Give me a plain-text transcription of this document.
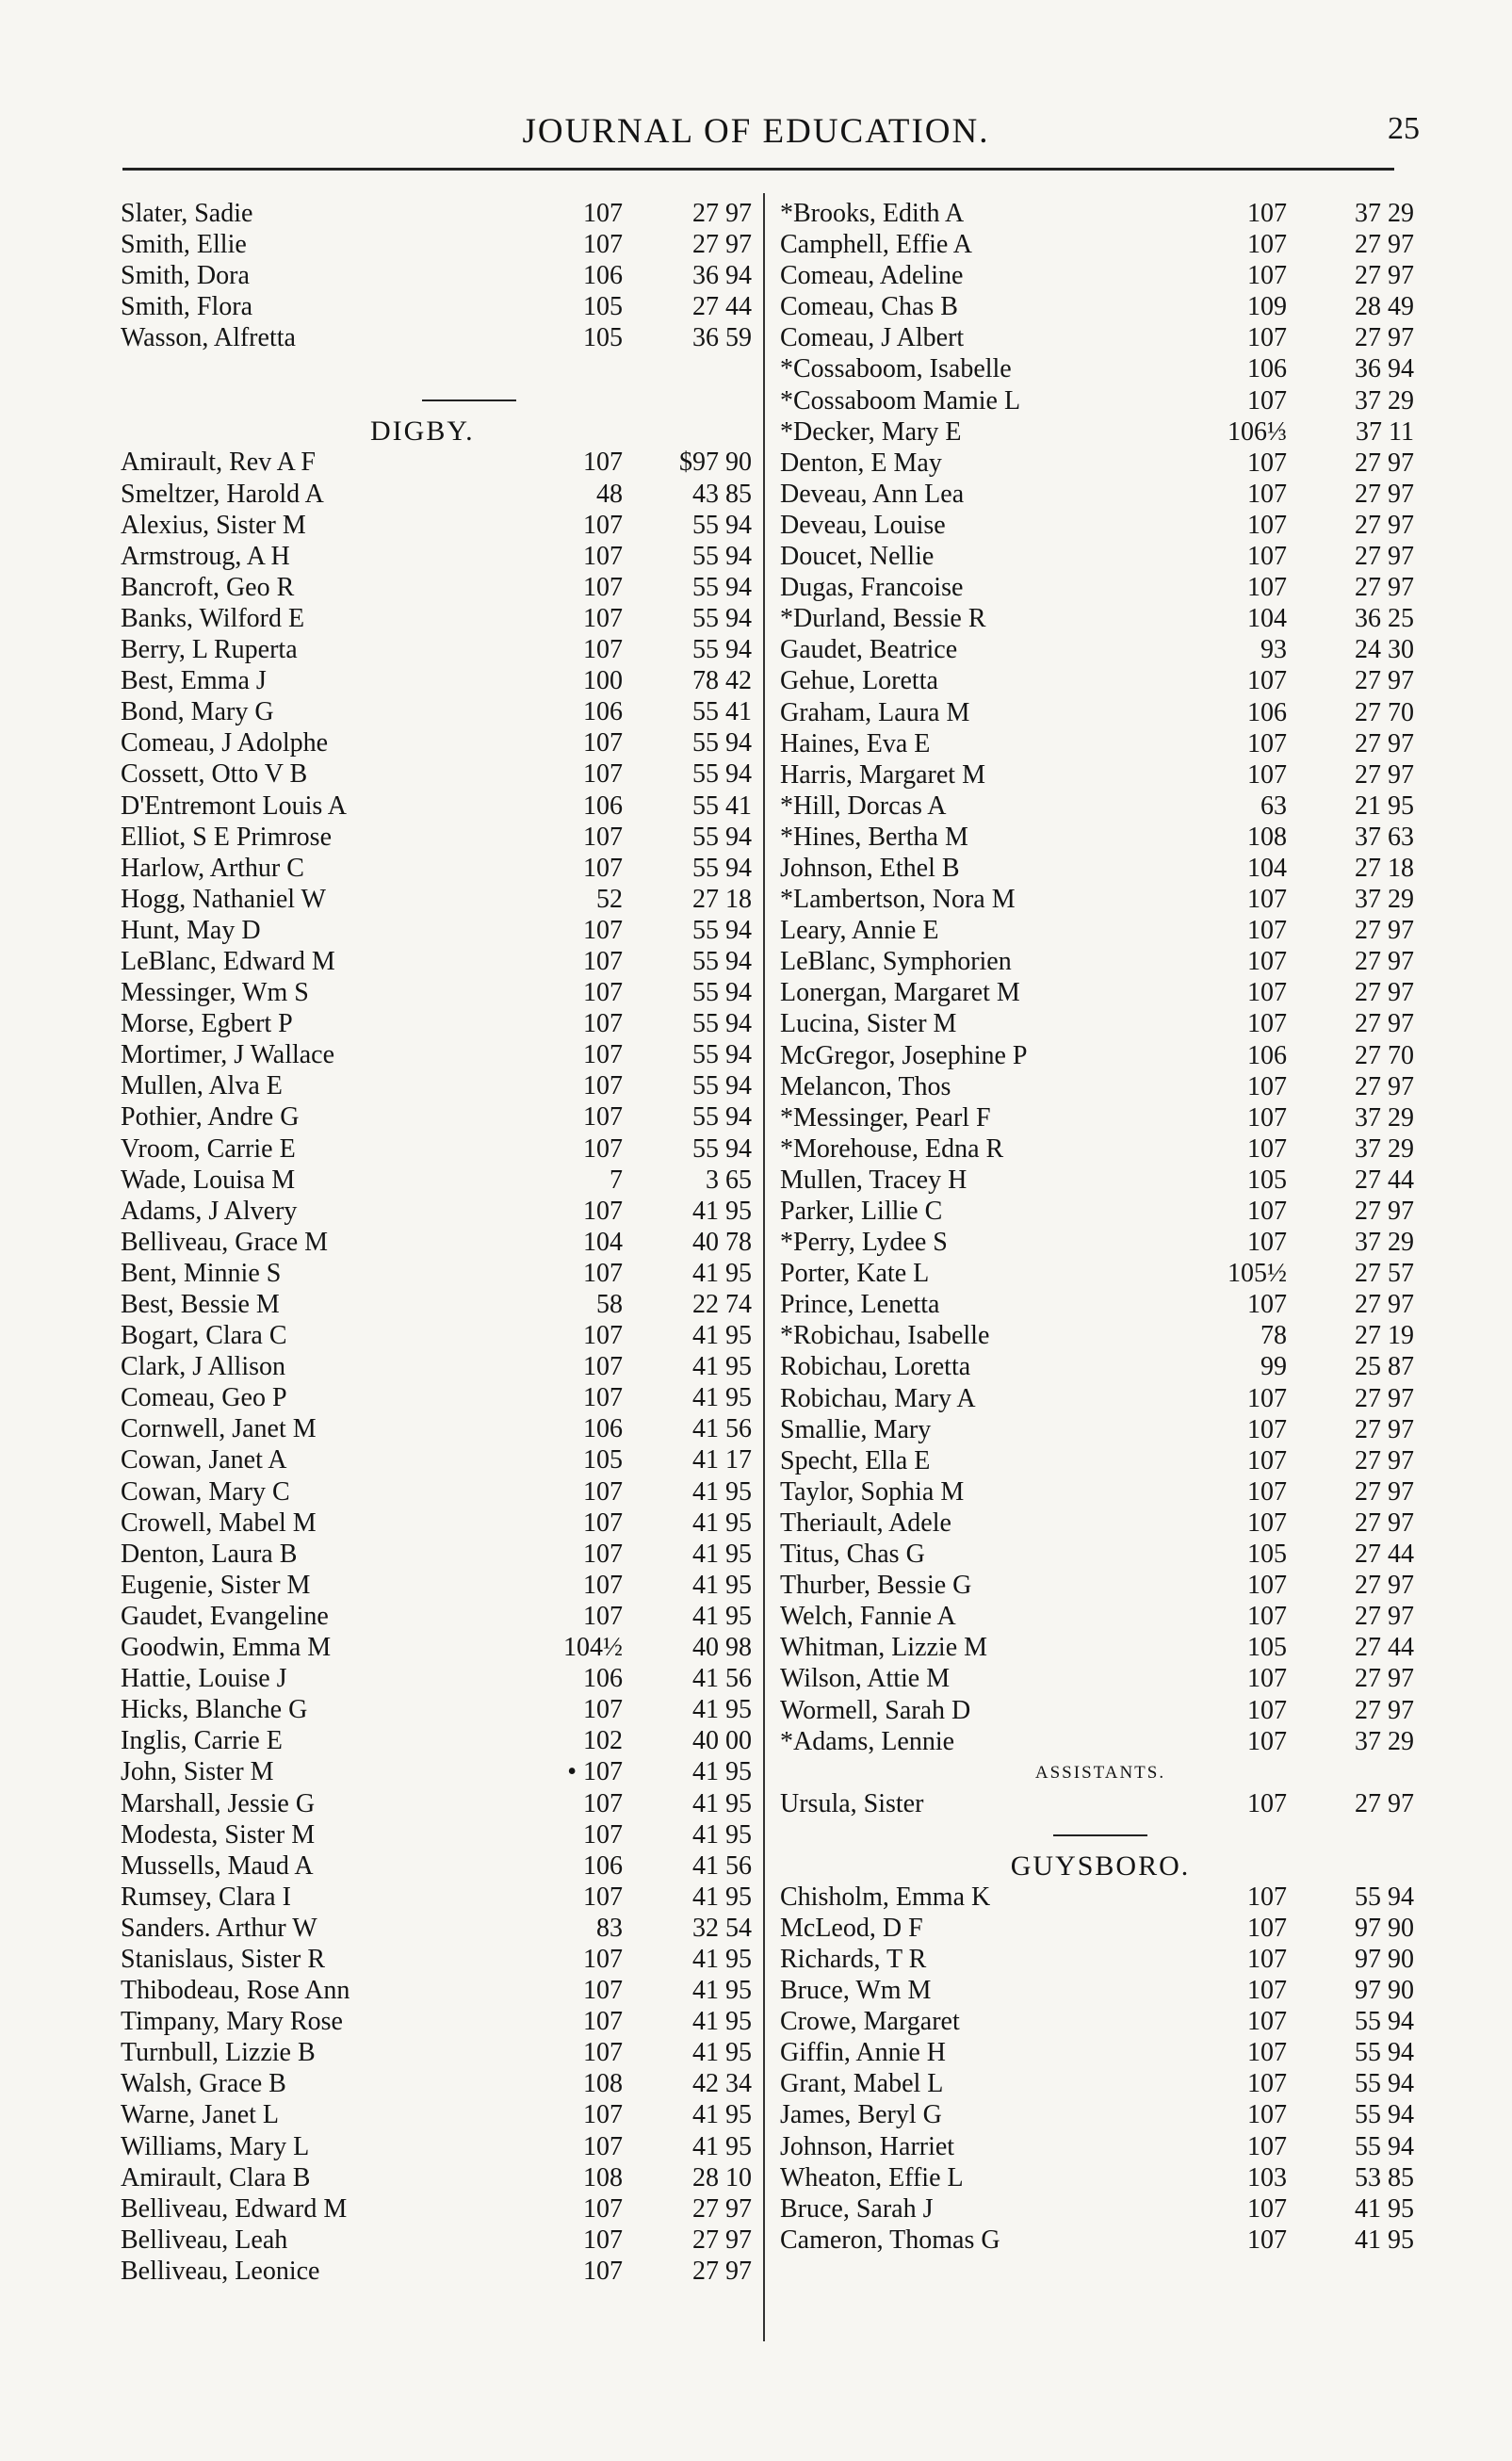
JOURNAL OF EDUCATION.	25
Slater, Sadie	107	27 97
Smith, Ellie	107	27 97
Smith, Dora	106	36 94
Smith, Flora	105	27 44
Wasson, Alfretta	105	36 59
DIGBY.
Amirault, Rev A F	107	$97 90
Smeltzer, Harold A	48	43 85
Alexius, Sister M	107	55 94
Armstroug, A H	107	55 94
Bancroft, Geo R	107	55 94
Banks, Wilford E	107	55 94
Berry, L Ruperta	107	55 94
Best, Emma J	100	78 42
Bond, Mary G	106	55 41
Comeau, J Adolphe	107	55 94
Cossett, Otto V B	107	55 94
D'Entremont Louis A	106	55 41
Elliot, S E Primrose	107	55 94
Harlow, Arthur C	107	55 94
Hogg, Nathaniel W	52	27 18
Hunt, May D	107	55 94
LeBlanc, Edward M	107	55 94
Messinger, Wm S	107	55 94
Morse, Egbert P	107	55 94
Mortimer, J Wallace	107	55 94
Mullen, Alva E	107	55 94
Pothier, Andre G	107	55 94
Vroom, Carrie E	107	55 94
Wade, Louisa M	7	3 65
Adams, J Alvery	107	41 95
Belliveau, Grace M	104	40 78
Bent, Minnie S	107	41 95
Best, Bessie M	58	22 74
Bogart, Clara C	107	41 95
Clark, J Allison	107	41 95
Comeau, Geo P	107	41 95
Cornwell, Janet M	106	41 56
Cowan, Janet A	105	41 17
Cowan, Mary C	107	41 95
Crowell, Mabel M	107	41 95
Denton, Laura B	107	41 95
Eugenie, Sister M	107	41 95
Gaudet, Evangeline	107	41 95
Goodwin, Emma M	104½	40 98
Hattie, Louise J	106	41 56
Hicks, Blanche G	107	41 95
Inglis, Carrie E	102	40 00
John, Sister M	• 107	41 95
Marshall, Jessie G	107	41 95
Modesta, Sister M	107	41 95
Mussells, Maud A	106	41 56
Rumsey, Clara I	107	41 95
Sanders. Arthur W	83	32 54
Stanislaus, Sister R	107	41 95
Thibodeau, Rose Ann	107	41 95
Timpany, Mary Rose	107	41 95
Turnbull, Lizzie B	107	41 95
Walsh, Grace B	108	42 34
Warne, Janet L	107	41 95
Williams, Mary L	107	41 95
Amirault, Clara B	108	28 10
Belliveau, Edward M	107	27 97
Belliveau, Leah	107	27 97
Belliveau, Leonice	107	27 97
*Brooks, Edith A	107	37 29
Camphell, Effie A	107	27 97
Comeau, Adeline	107	27 97
Comeau, Chas B	109	28 49
Comeau, J Albert	107	27 97
*Cossaboom, Isabelle	106	36 94
*Cossaboom Mamie L	107	37 29
*Decker, Mary E	106⅓	37 11
Denton, E May	107	27 97
Deveau, Ann Lea	107	27 97
Deveau, Louise	107	27 97
Doucet, Nellie	107	27 97
Dugas, Francoise	107	27 97
*Durland, Bessie R	104	36 25
Gaudet, Beatrice	93	24 30
Gehue, Loretta	107	27 97
Graham, Laura M	106	27 70
Haines, Eva E	107	27 97
Harris, Margaret M	107	27 97
*Hill, Dorcas A	63	21 95
*Hines, Bertha M	108	37 63
Johnson, Ethel B	104	27 18
*Lambertson, Nora M	107	37 29
Leary, Annie E	107	27 97
LeBlanc, Symphorien	107	27 97
Lonergan, Margaret M	107	27 97
Lucina, Sister M	107	27 97
McGregor, Josephine P	106	27 70
Melancon, Thos	107	27 97
*Messinger, Pearl F	107	37 29
*Morehouse, Edna R	107	37 29
Mullen, Tracey H	105	27 44
Parker, Lillie C	107	27 97
*Perry, Lydee S	107	37 29
Porter, Kate L	105½	27 57
Prince, Lenetta	107	27 97
*Robichau, Isabelle	78	27 19
Robichau, Loretta	99	25 87
Robichau, Mary A	107	27 97
Smallie, Mary	107	27 97
Specht, Ella E	107	27 97
Taylor, Sophia M	107	27 97
Theriault, Adele	107	27 97
Titus, Chas G	105	27 44
Thurber, Bessie G	107	27 97
Welch, Fannie A	107	27 97
Whitman, Lizzie M	105	27 44
Wilson, Attie M	107	27 97
Wormell, Sarah D	107	27 97
*Adams, Lennie	107	37 29
ASSISTANTS.
Ursula, Sister	107	27 97
GUYSBORO.
Chisholm, Emma K	107	55 94
McLeod, D F	107	97 90
Richards, T R	107	97 90
Bruce, Wm M	107	97 90
Crowe, Margaret	107	55 94
Giffin, Annie H	107	55 94
Grant, Mabel L	107	55 94
James, Beryl G	107	55 94
Johnson, Harriet	107	55 94
Wheaton, Effie L	103	53 85
Bruce, Sarah J	107	41 95
Cameron, Thomas G	107	41 95
